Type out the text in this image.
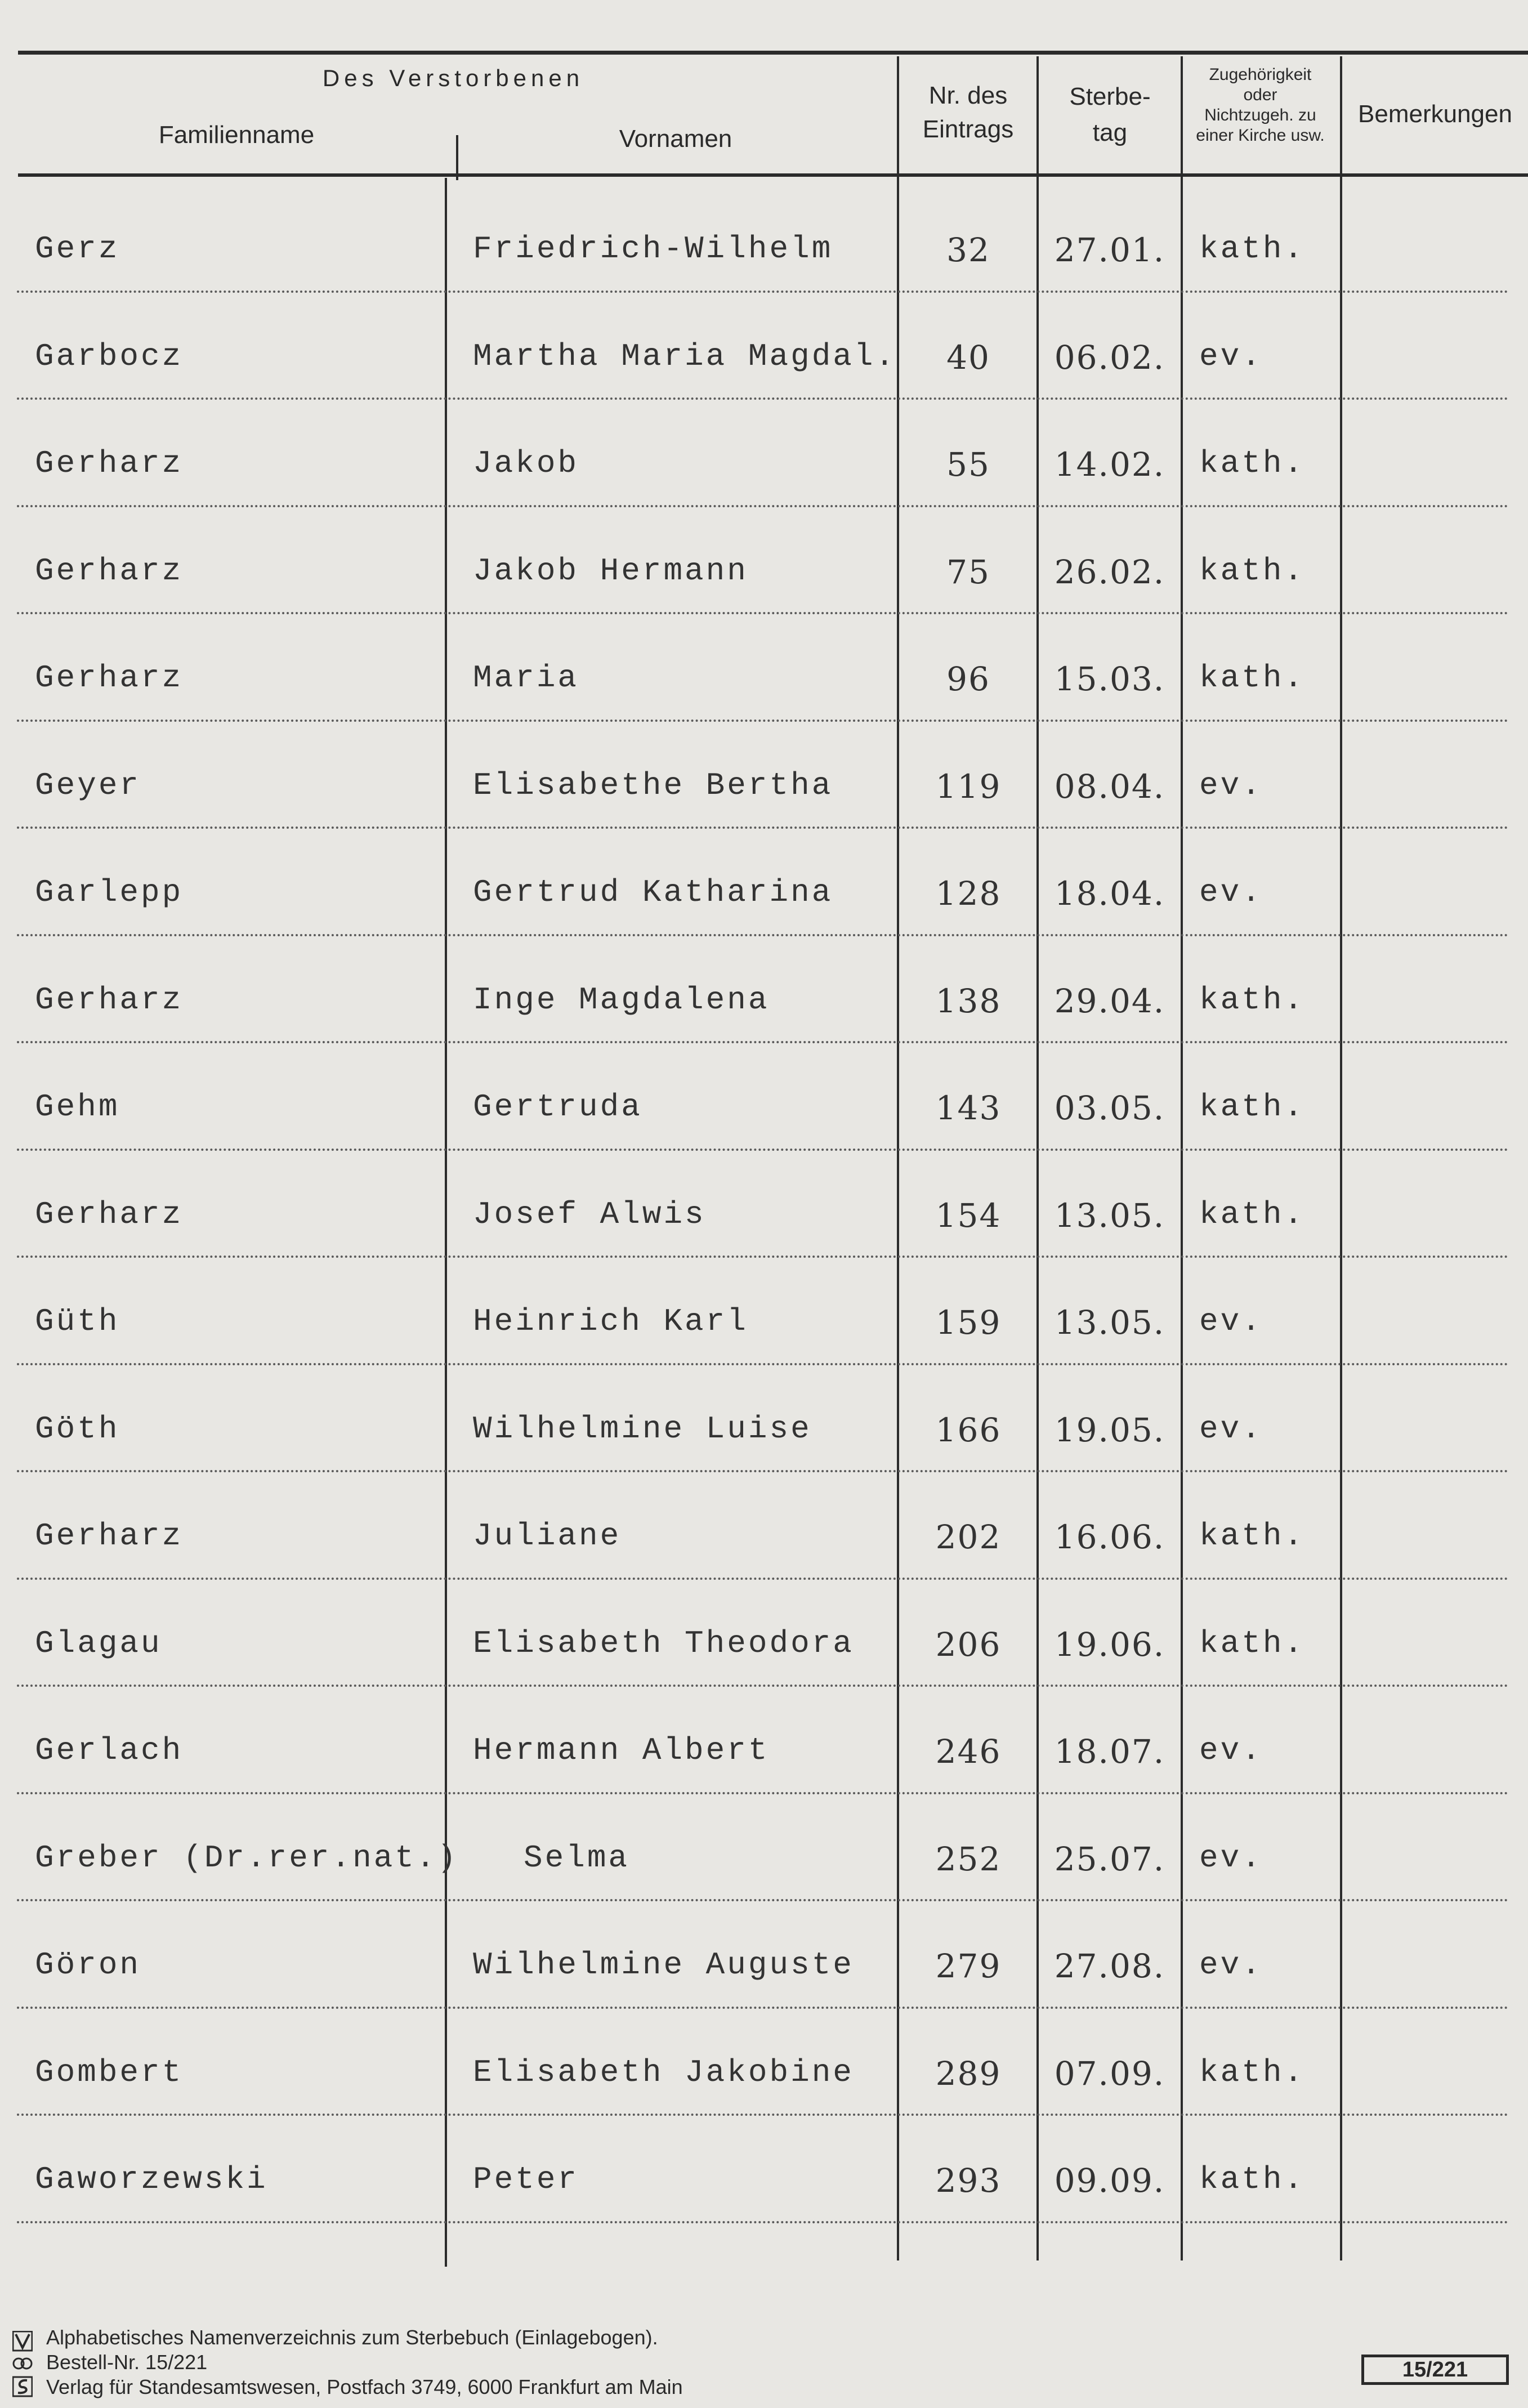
Des Verstorbenen
Familienname	Vornamen
Nr. des
Eintrags
Sterbe-
tag
Zugehörigkeit
oder
Nichtzugeh. zu
einer Kirche usw.
Bemerkungen
Gerz	Friedrich-Wilhelm	32	27.01.	kath.
Garbocz	Martha Maria Magdal.	40	06.02.	ev.
Gerharz	Jakob	55	14.02.	kath.
Gerharz	Jakob Hermann	75	26.02.	kath.
Gerharz	Maria	96	15.03.	kath.
Geyer	Elisabethe Bertha	119	08.04.	ev.
Garlepp	Gertrud Katharina	128	18.04.	ev.
Gerharz	Inge Magdalena	138	29.04.	kath.
Gehm	Gertruda	143	03.05.	kath.
Gerharz	Josef Alwis	154	13.05.	kath.
Güth	Heinrich Karl	159	13.05.	ev.
Göth	Wilhelmine Luise	166	19.05.	ev.
Gerharz	Juliane	202	16.06.	kath.
Glagau	Elisabeth Theodora	206	19.06.	kath.
Gerlach	Hermann Albert	246	18.07.	ev.
Greber (Dr.rer.nat.)	Selma	252	25.07.	ev.
Göron	Wilhelmine Auguste	279	27.08.	ev.
Gombert	Elisabeth Jakobine	289	07.09.	kath.
Gaworzewski	Peter	293	09.09.	kath.
Alphabetisches Namenverzeichnis zum Sterbebuch (Einlagebogen).
Bestell-Nr. 15/221
Verlag für Standesamtswesen, Postfach 3749, 6000 Frankfurt am Main
15/221
